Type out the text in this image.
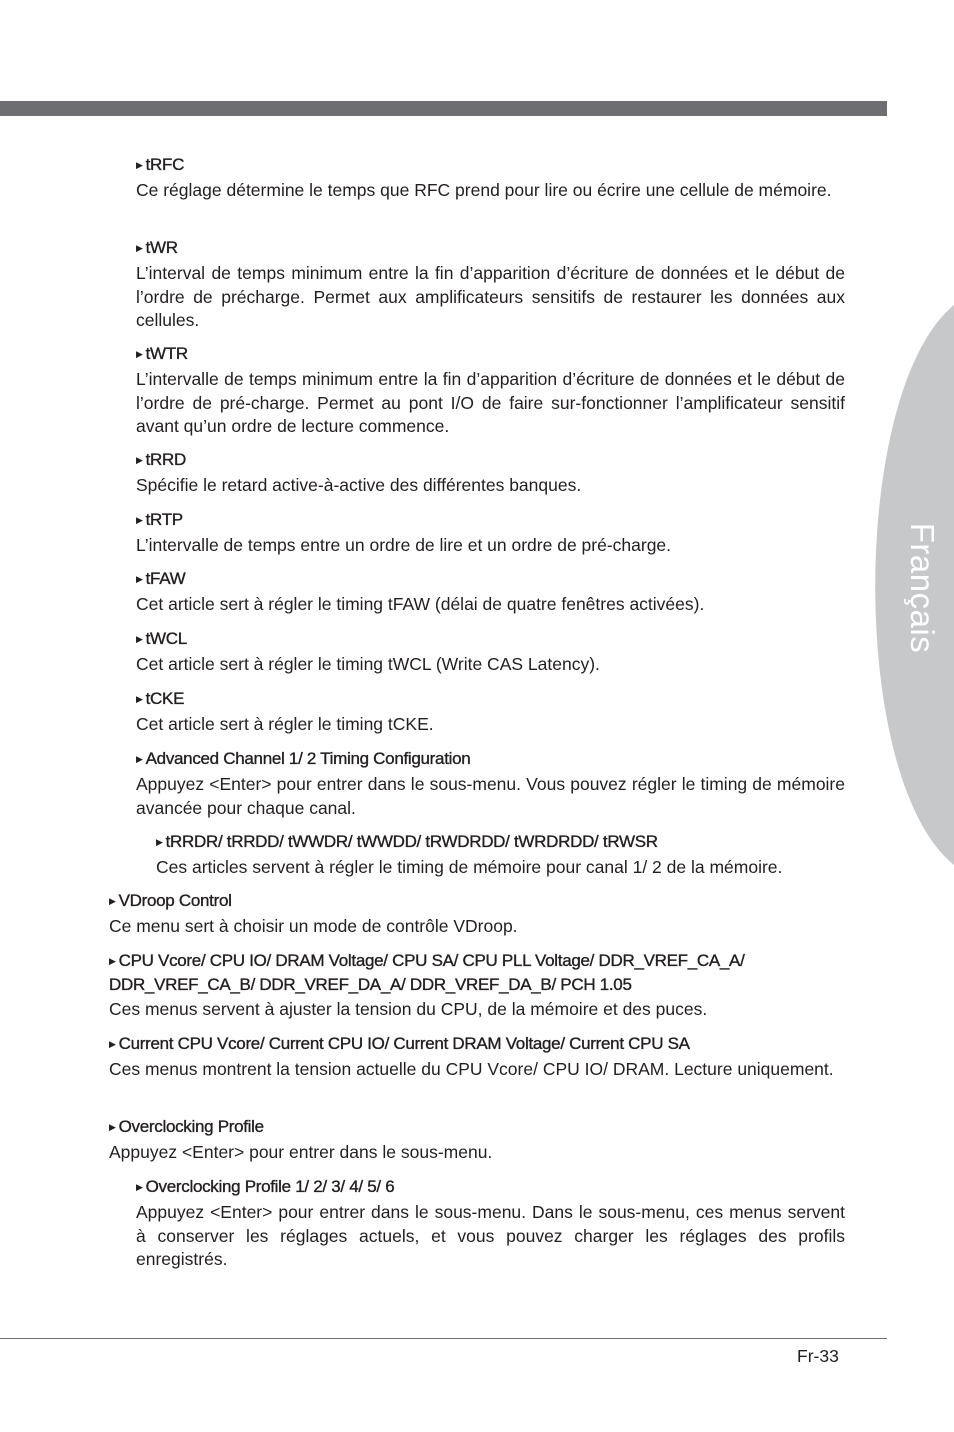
Français
▶ tRFC
Ce réglage détermine le temps que RFC prend pour lire ou écrire une cellule de mémoire.
▶ tWR
L’interval de temps minimum entre la fin d’apparition d’écriture de données et le début de l’ordre de précharge. Permet aux amplificateurs sensitifs de restaurer les données aux cellules.
▶ tWTR
L’intervalle de temps minimum entre la fin d’apparition d’écriture de données et le début de l’ordre de pré-charge. Permet au pont I/O de faire sur-fonctionner l’amplificateur sensitif avant qu’un ordre de lecture commence.
▶ tRRD
Spécifie le retard active-à-active des différentes banques.
▶ tRTP
L’intervalle de temps entre un ordre de lire et un ordre de pré-charge.
▶ tFAW
Cet article sert à régler le timing tFAW (délai de quatre fenêtres activées).
▶ tWCL
Cet article sert à régler le timing tWCL (Write CAS Latency).
▶ tCKE
Cet article sert à régler le timing tCKE.
▶ Advanced Channel 1/ 2 Timing Configuration
Appuyez <Enter> pour entrer dans le sous-menu. Vous pouvez régler le timing de mémoire avancée pour chaque canal.
▶ tRRDR/ tRRDD/ tWWDR/ tWWDD/ tRWDRDD/ tWRDRDD/ tRWSR
Ces articles servent à régler le timing de mémoire pour canal 1/ 2 de la mémoire.
▶ VDroop Control
Ce menu sert à choisir un mode de contrôle VDroop.
▶ CPU Vcore/ CPU IO/ DRAM Voltage/ CPU SA/ CPU PLL Voltage/ DDR_VREF_CA_A/ DDR_VREF_CA_B/ DDR_VREF_DA_A/ DDR_VREF_DA_B/ PCH 1.05
Ces menus servent à ajuster la tension du CPU, de la mémoire et des puces.
▶ Current CPU Vcore/ Current CPU IO/ Current DRAM Voltage/ Current CPU SA
Ces menus montrent la tension actuelle du CPU Vcore/ CPU IO/ DRAM. Lecture uniquement.
▶ Overclocking Profile
Appuyez <Enter> pour entrer dans le sous-menu.
▶ Overclocking Profile 1/ 2/ 3/ 4/ 5/ 6
Appuyez <Enter> pour entrer dans le sous-menu. Dans le sous-menu, ces menus servent à conserver les réglages actuels, et vous pouvez charger les réglages des profils enregistrés.
Fr-33
